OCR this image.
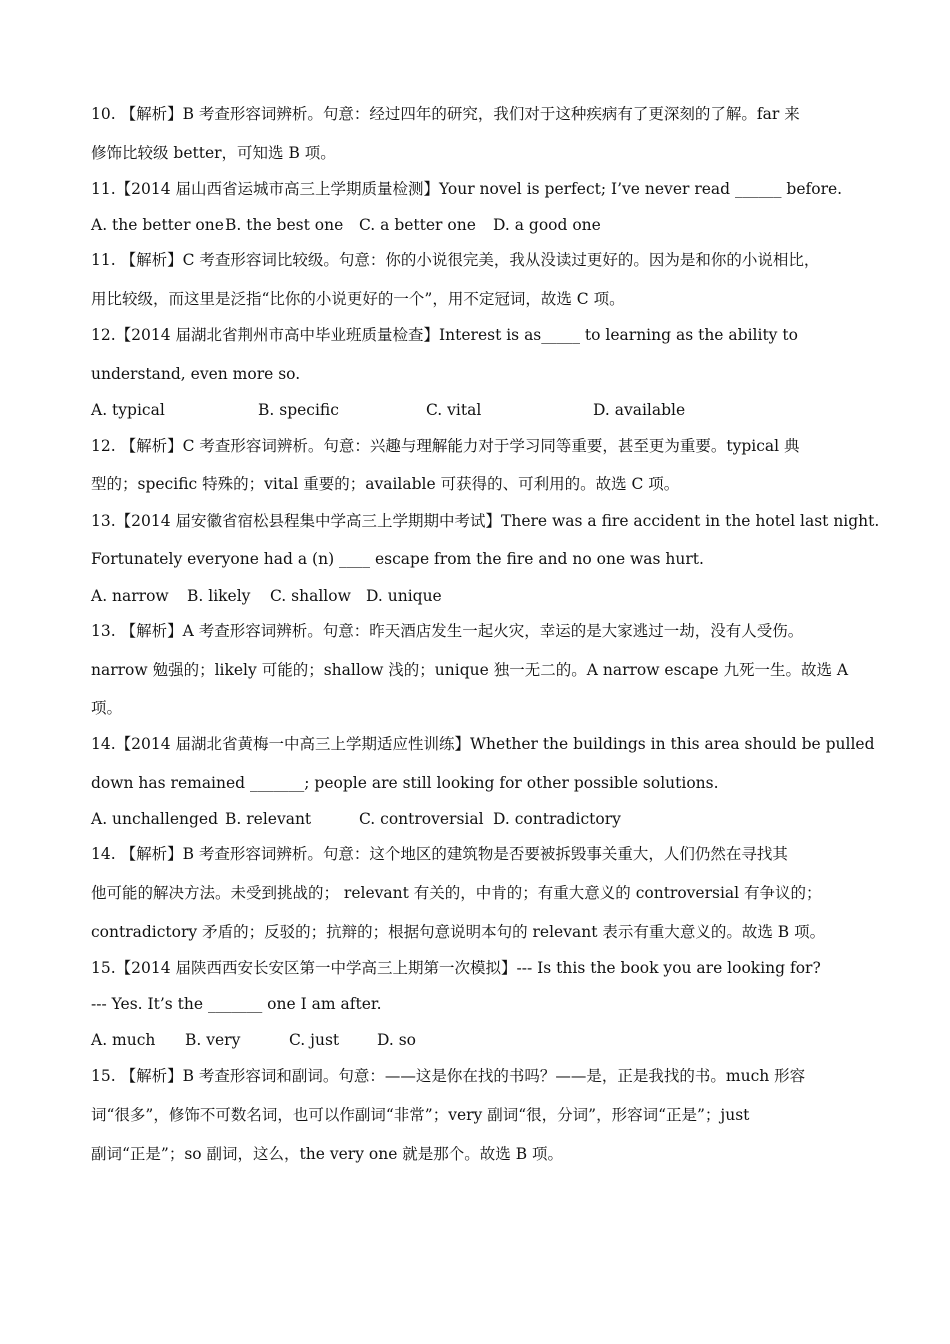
10. 【解析】B 考查形容词辨析。句意：经过四年的研究，我们对于这种疾病有了更深刻的了解。far 来
修饰比较级 better，可知选 B 项。
11.【2014 届山西省运城市高三上学期质量检测】Your novel is perfect; I’ve never read ______ before.
A. the better one B. the best one	C. a better one	D. a good one
11. 【解析】C 考查形容词比较级。句意：你的小说很完美，我从没读过更好的。因为是和你的小说相比，
用比较级，而这里是泛指“比你的小说更好的一个”，用不定冠词，故选 C 项。
12.【2014 届湖北省荆州市高中毕业班质量检查】Interest is as_____ to learning as the ability to
understand, even more so.
A. typical	B. specific	C. vital	D. available
12. 【解析】C 考查形容词辨析。句意：兴趣与理解能力对于学习同等重要，甚至更为重要。typical 典
型的；specific 特殊的；vital 重要的；available 可获得的、可利用的。故选 C 项。
13.【2014 届安徽省宿松县程集中学高三上学期期中考试】There was a fire accident in the hotel last night.
Fortunately everyone had a (n) ____ escape from the fire and no one was hurt.
A. narrow	B. likely	C. shallow D. unique
13. 【解析】A 考查形容词辨析。句意：昨天酒店发生一起火灾，幸运的是大家逃过一劫，没有人受伤。
narrow 勉强的；likely 可能的；shallow 浅的；unique 独一无二的。A narrow escape 九死一生。故选 A
项。
14.【2014 届湖北省黄梅一中高三上学期适应性训练】Whether the buildings in this area should be pulled
down has remained _______; people are still looking for other possible solutions.
A. unchallenged B. relevant	C. controversial D. contradictory
14. 【解析】B 考查形容词辨析。句意：这个地区的建筑物是否要被拆毁事关重大，人们仍然在寻找其
他可能的解决方法。未受到挑战的； relevant 有关的，中肯的；有重大意义的 controversial 有争议的；
contradictory 矛盾的；反驳的；抗辩的；根据句意说明本句的 relevant 表示有重大意义的。故选 B 项。
15.【2014 届陕西西安长安区第一中学高三上期第一次模拟】--- Is this the book you are looking for?
--- Yes. It’s the _______ one I am after.
A. much	B. very	C. just	D. so
15. 【解析】B 考查形容词和副词。句意：——这是你在找的书吗？——是，正是我找的书。much 形容
词“很多”，修饰不可数名词，也可以作副词“非常”；very 副词“很，分词”，形容词“正是”；just
副词“正是”；so 副词，这么，the very one 就是那个。故选 B 项。
